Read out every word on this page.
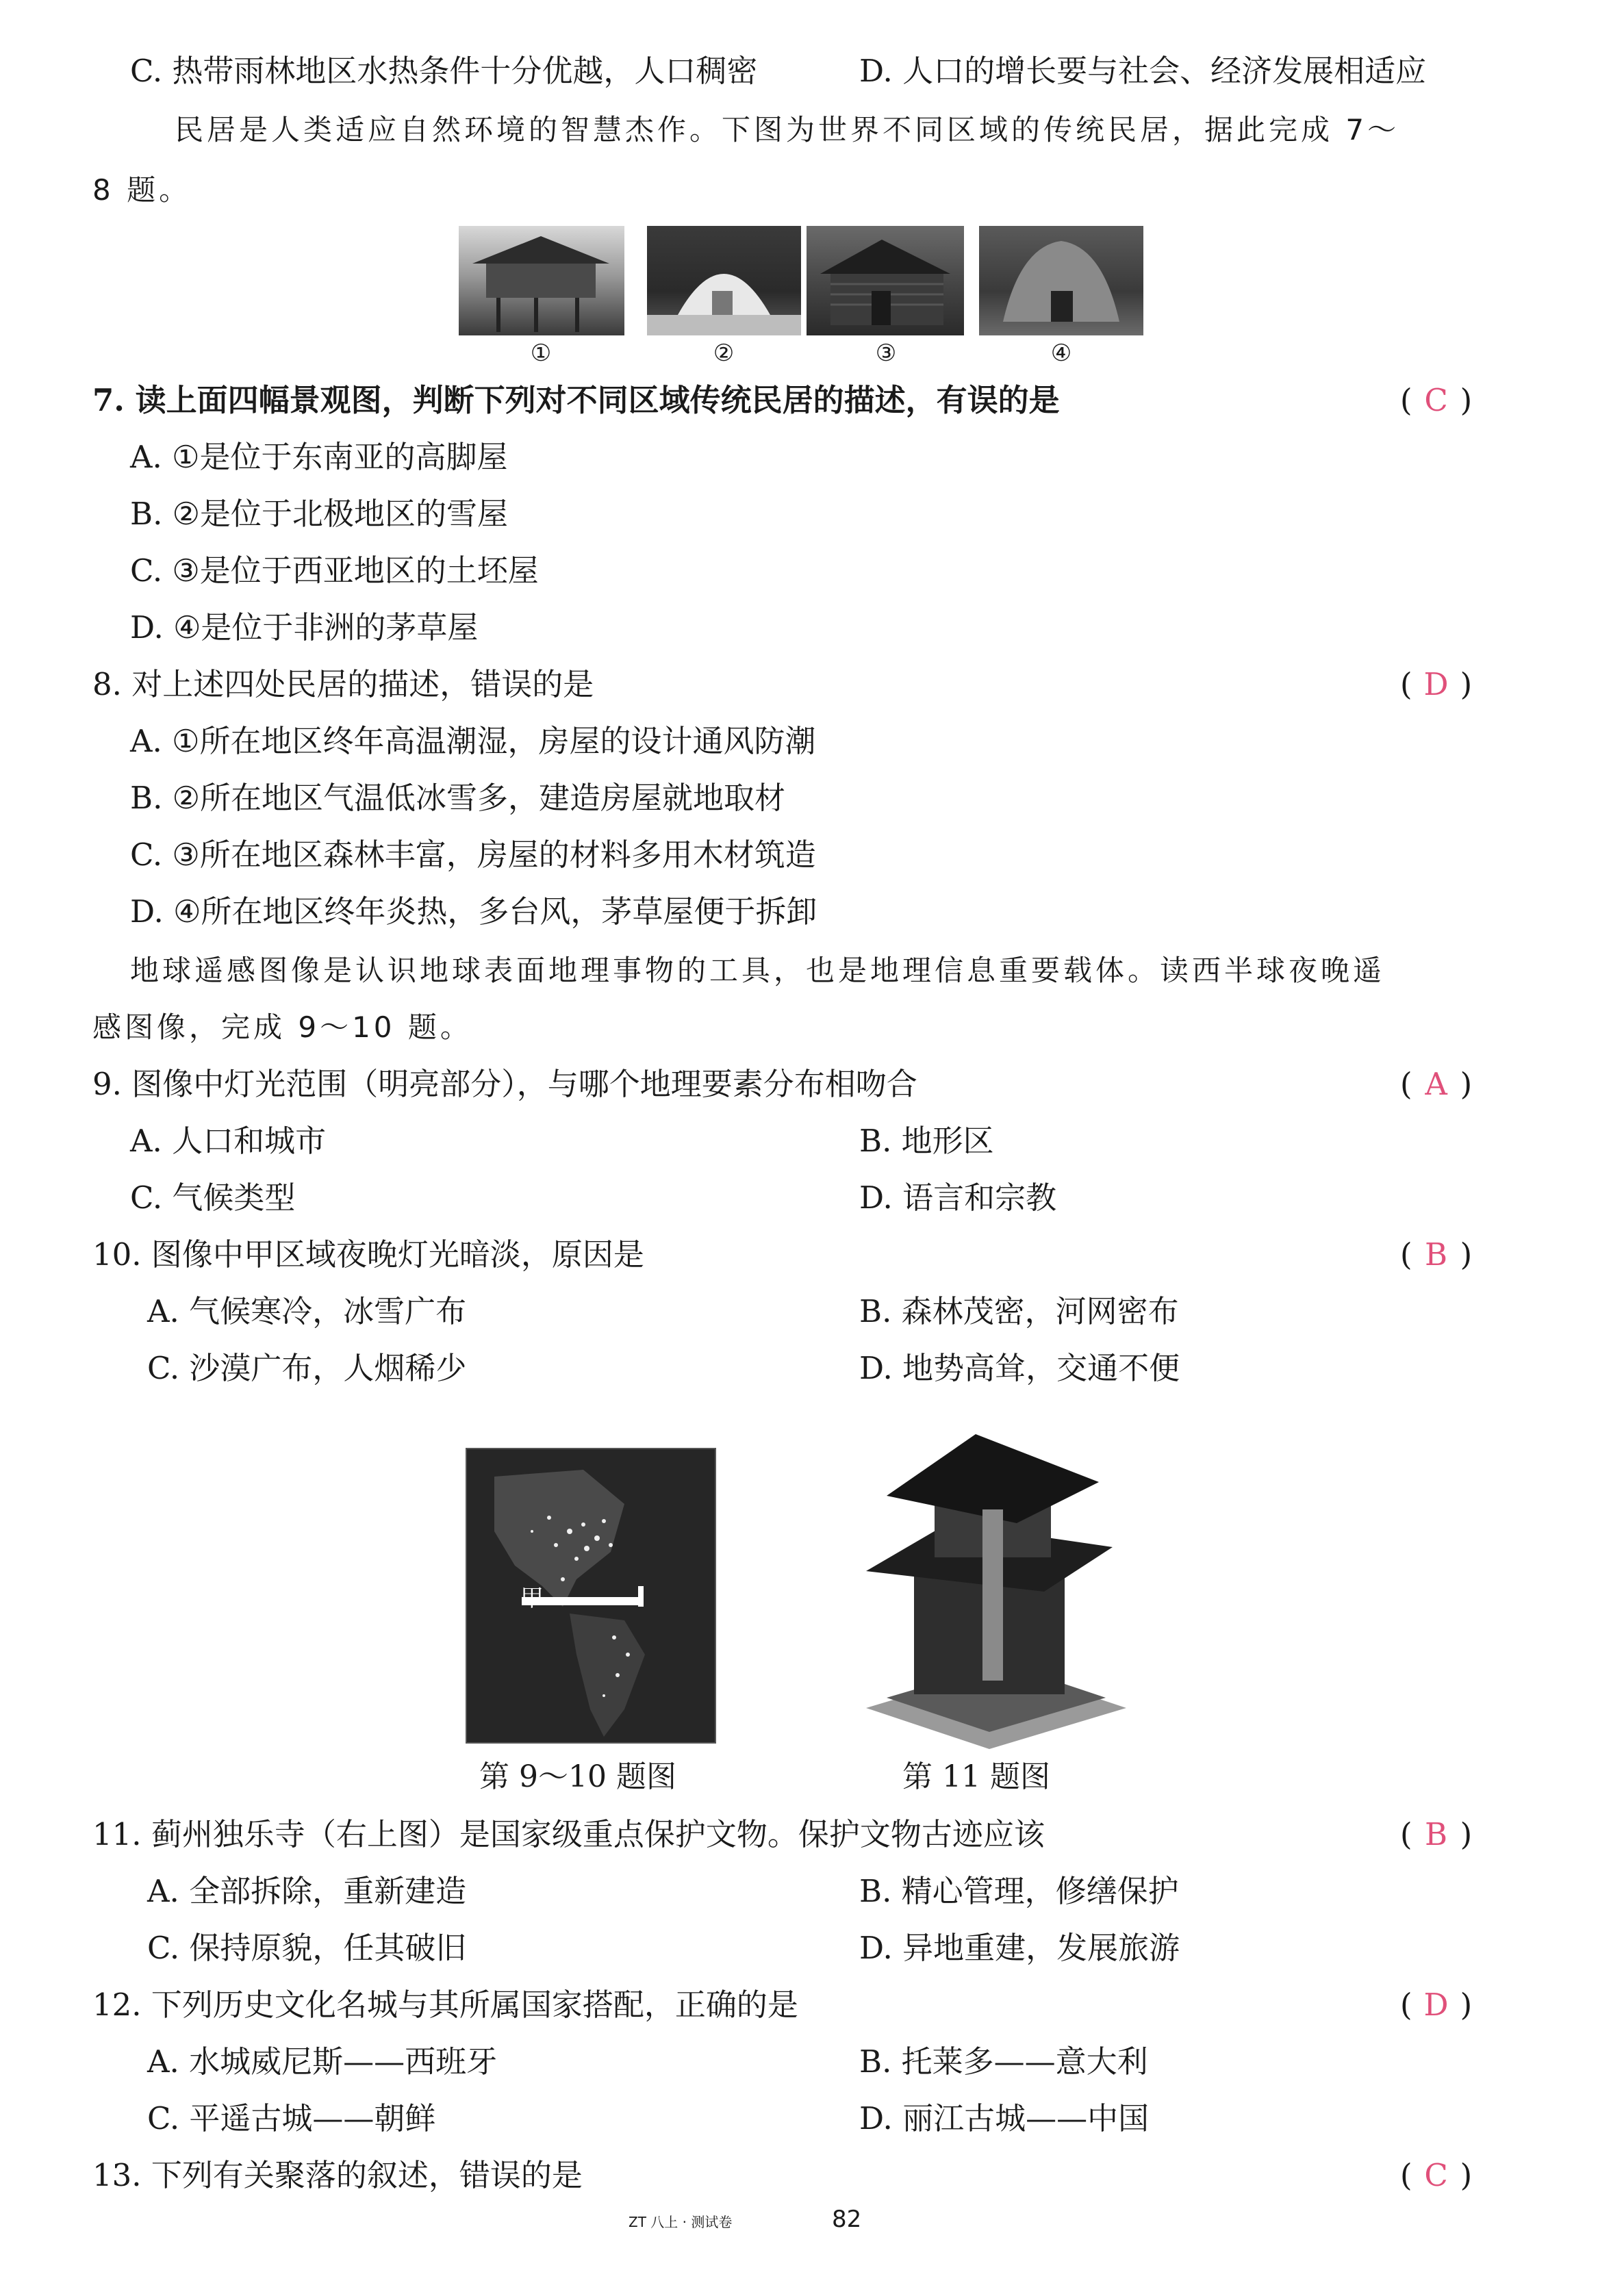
C. 热带雨林地区水热条件十分优越，人口稠密	D. 人口的增长要与社会、经济发展相适应
民居是人类适应自然环境的智慧杰作。下图为世界不同区域的传统民居，据此完成 7～
8 题。
①	②	③	④
7. 读上面四幅景观图，判断下列对不同区域传统民居的描述，有误的是	( C )
A. ①是位于东南亚的高脚屋
B. ②是位于北极地区的雪屋
C. ③是位于西亚地区的土坯屋
D. ④是位于非洲的茅草屋
8. 对上述四处民居的描述，错误的是	( D )
A. ①所在地区终年高温潮湿，房屋的设计通风防潮
B. ②所在地区气温低冰雪多，建造房屋就地取材
C. ③所在地区森林丰富，房屋的材料多用木材筑造
D. ④所在地区终年炎热，多台风，茅草屋便于拆卸
地球遥感图像是认识地球表面地理事物的工具，也是地理信息重要载体。读西半球夜晚遥
感图像，完成 9～10 题。
9. 图像中灯光范围（明亮部分），与哪个地理要素分布相吻合	( A )
A. 人口和城市	B. 地形区
C. 气候类型	D. 语言和宗教
10. 图像中甲区域夜晚灯光暗淡，原因是	( B )
A. 气候寒冷，冰雪广布	B. 森林茂密，河网密布
C. 沙漠广布，人烟稀少	D. 地势高耸，交通不便
甲
第 9～10 题图	第 11 题图
11. 蓟州独乐寺（右上图）是国家级重点保护文物。保护文物古迹应该	( B )
A. 全部拆除，重新建造	B. 精心管理，修缮保护
C. 保持原貌，任其破旧	D. 异地重建，发展旅游
12. 下列历史文化名城与其所属国家搭配，正确的是	( D )
A. 水城威尼斯——西班牙	B. 托莱多——意大利
C. 平遥古城——朝鲜	D. 丽江古城——中国
13. 下列有关聚落的叙述，错误的是	( C )
ZT 八上 · 测试卷	82
